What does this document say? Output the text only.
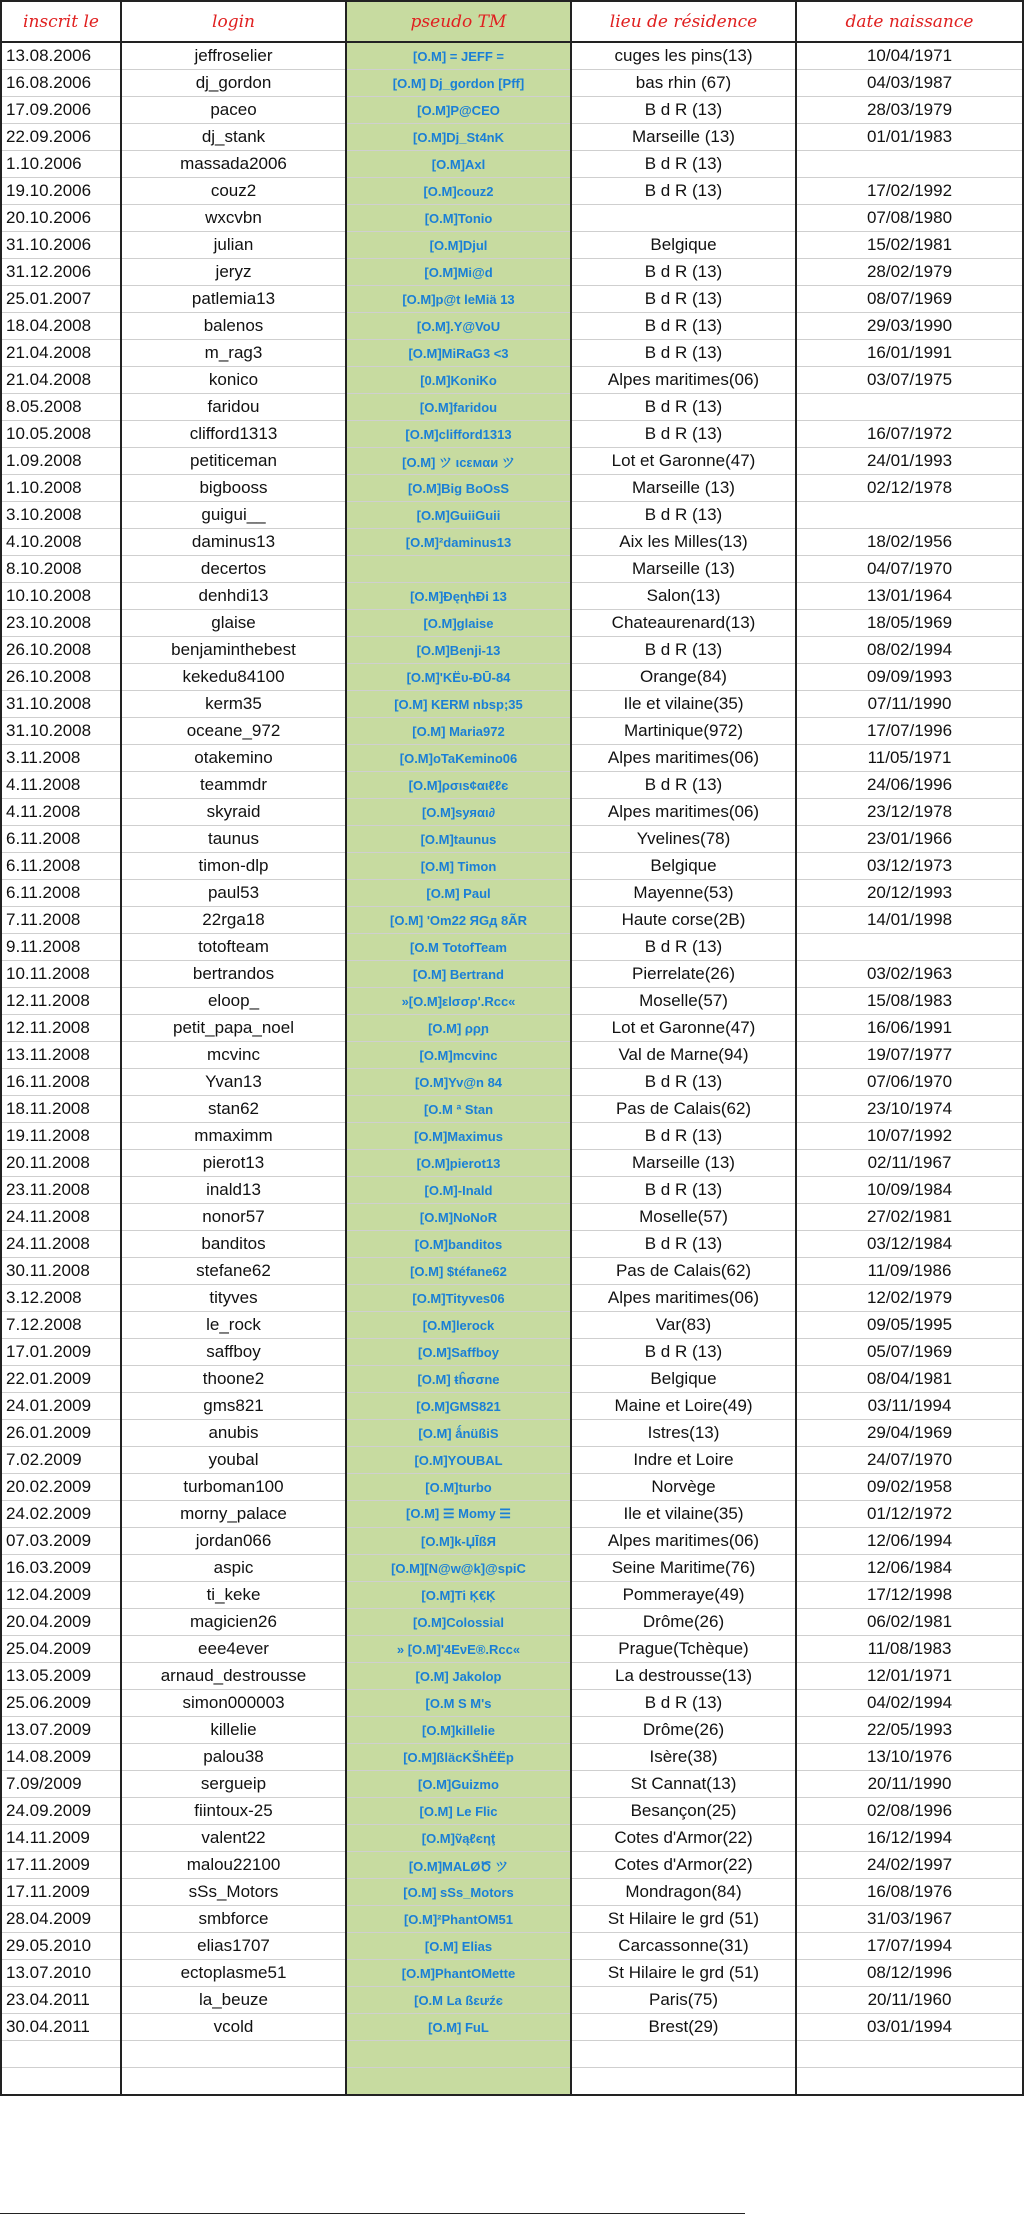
inscrit le	login	pseudo TM	lieu de résidence	date naissance
13.08.2006	jeffroselier	[O.M] = JEFF =	cuges les pins(13)	10/04/1971
16.08.2006	dj_gordon	[O.M] Dj_gordon [Pff]	bas rhin (67)	04/03/1987
17.09.2006	paceo	[O.M]P@CEO	B d R (13)	28/03/1979
22.09.2006	dj_stank	[O.M]Dj_St4nK	Marseille (13)	01/01/1983
1.10.2006	massada2006	[O.M]Axl	B d R (13)	
19.10.2006	couz2	[O.M]couz2	B d R (13)	17/02/1992
20.10.2006	wxcvbn	[O.M]Tonio		07/08/1980
31.10.2006	julian	[O.M]Djul	Belgique	15/02/1981
31.12.2006	jeryz	[O.M]Mi@d	B d R (13)	28/02/1979
25.01.2007	patlemia13	[O.M]p@t leMiä 13	B d R (13)	08/07/1969
18.04.2008	balenos	[O.M].Y@VoU	B d R (13)	29/03/1990
21.04.2008	m_rag3	[O.M]MiRaG3 <3	B d R (13)	16/01/1991
21.04.2008	konico	[0.M]KoniKo	Alpes maritimes(06)	03/07/1975
8.05.2008	faridou	[O.M]faridou	B d R (13)	
10.05.2008	clifford1313	[O.M]clifford1313	B d R (13)	16/07/1972
1.09.2008	petiticeman	[O.M] ツ ιcεмαи ツ	Lot et Garonne(47)	24/01/1993
1.10.2008	bigbooss	[O.M]Big BoOsS	Marseille (13)	02/12/1978
3.10.2008	guigui__	[O.M]GuiiGuii	B d R (13)	
4.10.2008	daminus13	[O.M]²daminus13	Aix les Milles(13)	18/02/1956
8.10.2008	decertos		Marseille (13)	04/07/1970
10.10.2008	denhdi13	[O.M]ĐęɳhĐi 13	Salon(13)	13/01/1964
23.10.2008	glaise	[O.M]glaise	Chateaurenard(13)	18/05/1969
26.10.2008	benjaminthebest	[O.M]Benji-13	B d R (13)	08/02/1994
26.10.2008	kekedu84100	[O.M]'KЁυ-ĐŪ-84	Orange(84)	09/09/1993
31.10.2008	kerm35	[O.M] KERM nbsp;35	Ile et vilaine(35)	07/11/1990
31.10.2008	oceane_972	[O.M] Maria972	Martinique(972)	17/07/1996
3.11.2008	otakemino	[O.M]oTaKemino06	Alpes maritimes(06)	11/05/1971
4.11.2008	teammdr	[O.M]ρσιѕ¢αιℓℓє	B d R (13)	24/06/1996
4.11.2008	skyraid	[O.M]ѕуяαι∂	Alpes maritimes(06)	23/12/1978
6.11.2008	taunus	[O.M]taunus	Yvelines(78)	23/01/1966
6.11.2008	timon-dlp	[O.M] Timon	Belgique	03/12/1973
6.11.2008	paul53	[O.M] Paul	Mayenne(53)	20/12/1993
7.11.2008	22rga18	[O.M] 'Om22 ЯGд 8ÃR	Haute corse(2B)	14/01/1998
9.11.2008	totofteam	[O.M TotofTeam	B d R (13)	
10.11.2008	bertrandos	[O.M] Bertrand	Pierrelate(26)	03/02/1963
12.11.2008	eloop_	»[O.M]εlσσρ'.Rcc«	Moselle(57)	15/08/1983
12.11.2008	petit_papa_noel	[O.M] ρρɲ	Lot et Garonne(47)	16/06/1991
13.11.2008	mcvinc	[O.M]mcvinc	Val de Marne(94)	19/07/1977
16.11.2008	Yvan13	[O.M]Yv@n 84	B d R (13)	07/06/1970
18.11.2008	stan62	[O.M ª Stan	Pas de Calais(62)	23/10/1974
19.11.2008	mmaximm	[O.M]Maximus	B d R (13)	10/07/1992
20.11.2008	pierot13	[O.M]pierot13	Marseille (13)	02/11/1967
23.11.2008	inald13	[O.M]-Inald	B d R (13)	10/09/1984
24.11.2008	nonor57	[O.M]NoNoR	Moselle(57)	27/02/1981
24.11.2008	banditos	[O.M]banditos	B d R (13)	03/12/1984
30.11.2008	stefane62	[O.M] $téfane62	Pas de Calais(62)	11/09/1986
3.12.2008	tityves	[O.M]Tityves06	Alpes maritimes(06)	12/02/1979
7.12.2008	le_rock	[O.M]lerock	Var(83)	09/05/1995
17.01.2009	saffboy	[O.M]Saffboy	B d R (13)	05/07/1969
22.01.2009	thoone2	[O.M] ŧĥσσne	Belgique	08/04/1981
24.01.2009	gms821	[O.M]GMS821	Maine et Loire(49)	03/11/1994
26.01.2009	anubis	[O.M] ǻnüßiS	Istres(13)	29/04/1969
7.02.2009	youbal	[O.M]YOUBAL	Indre et Loire	24/07/1970
20.02.2009	turboman100	[O.M]turbo	Norvège	09/02/1958
24.02.2009	morny_palace	[O.M] ☰ Momy ☰	Ile et vilaine(35)	01/12/1972
07.03.2009	jordan066	[O.M]k-ЏĪßЯ	Alpes maritimes(06)	12/06/1994
16.03.2009	aspic	[O.M][N@w@k]@spiC	Seine Maritime(76)	12/06/1984
12.04.2009	ti_keke	[O.M]Ti Ķ€Ķ	Pommeraye(49)	17/12/1998
20.04.2009	magicien26	[O.M]Colossial	Drôme(26)	06/02/1981
25.04.2009	eee4ever	» [O.M]'4ЕνЕ®.Rcc«	Prague(Tchèque)	11/08/1983
13.05.2009	arnaud_destrousse	[O.M] Jakolop	La destrousse(13)	12/01/1971
25.06.2009	simon000003	[O.M S M's	B d R (13)	04/02/1994
13.07.2009	killelie	[O.M]killelie	Drôme(26)	22/05/1993
14.08.2009	palou38	[O.M]ßläcKŠhЁЁp	Isère(38)	13/10/1976
7.09/2009	sergueip	[O.M]Guizmo	St Cannat(13)	20/11/1990
24.09.2009	fiintoux-25	[O.M] Le Flic	Besançon(25)	02/08/1996
14.11.2009	valent22	[O.M]ṽąℓєηţ	Cotes d'Armor(22)	16/12/1994
17.11.2009	malou22100	[O.M]ΜΑLØԾ ツ	Cotes d'Armor(22)	24/02/1997
17.11.2009	sSs_Motors	[O.M] sSs_Motors	Mondragon(84)	16/08/1976
28.04.2009	smbforce	[O.M]²PhantOM51	St Hilaire le grd (51)	31/03/1967
29.05.2010	elias1707	[O.M] Elias	Carcassonne(31)	17/07/1994
13.07.2010	ectoplasme51	[O.M]PhantOMette	St Hilaire le grd (51)	08/12/1996
23.04.2011	la_beuze	[O.M La ßɛưźє	Paris(75)	20/11/1960
30.04.2011	vcold	[O.M] FuL	Brest(29)	03/01/1994
